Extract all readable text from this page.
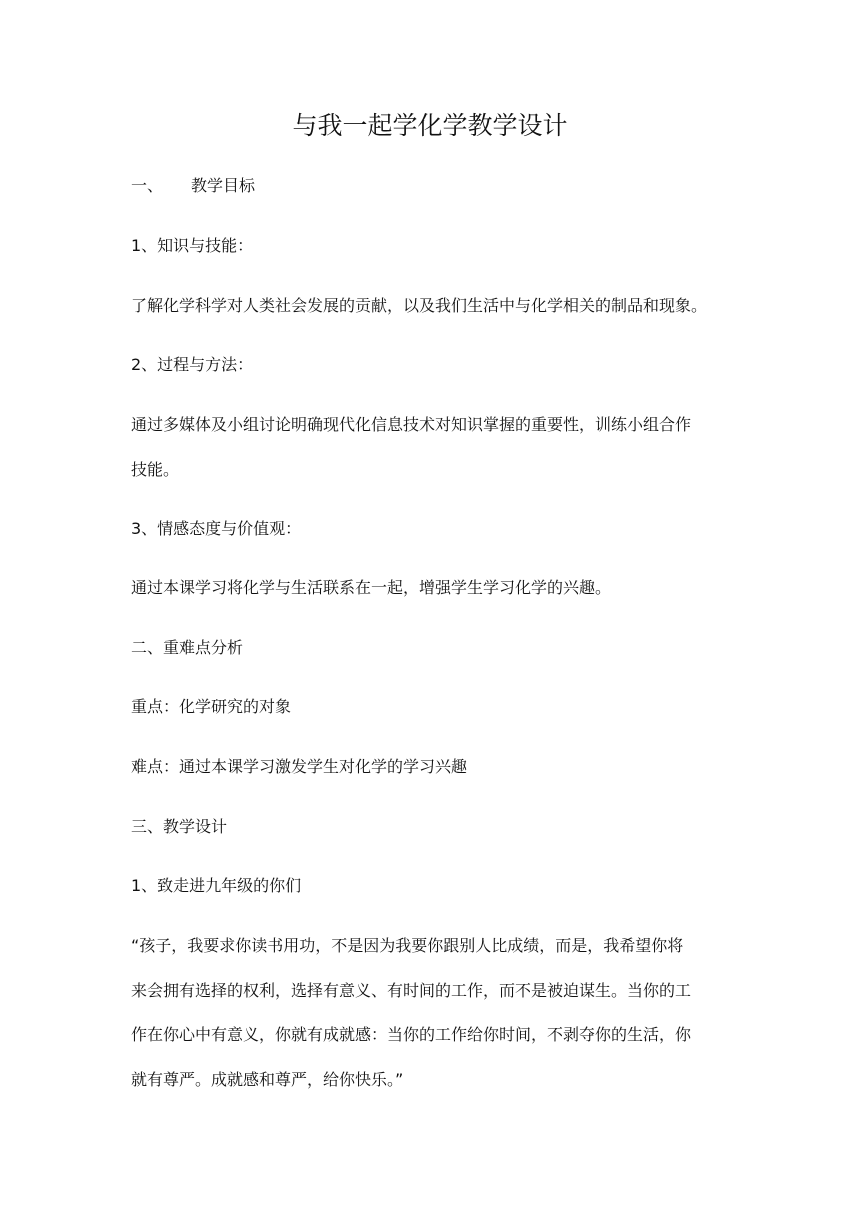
与我一起学化学教学设计
一、 教学目标
1、知识与技能：
了解化学科学对人类社会发展的贡献，以及我们生活中与化学相关的制品和现象。
2、过程与方法：
通过多媒体及小组讨论明确现代化信息技术对知识掌握的重要性，训练小组合作
技能。
3、情感态度与价值观：
通过本课学习将化学与生活联系在一起，增强学生学习化学的兴趣。
二、重难点分析
重点：化学研究的对象
难点：通过本课学习激发学生对化学的学习兴趣
三、教学设计
1、致走进九年级的你们
“孩子，我要求你读书用功，不是因为我要你跟别人比成绩，而是，我希望你将
来会拥有选择的权利，选择有意义、有时间的工作，而不是被迫谋生。当你的工
作在你心中有意义，你就有成就感：当你的工作给你时间，不剥夺你的生活，你
就有尊严。成就感和尊严，给你快乐。”
